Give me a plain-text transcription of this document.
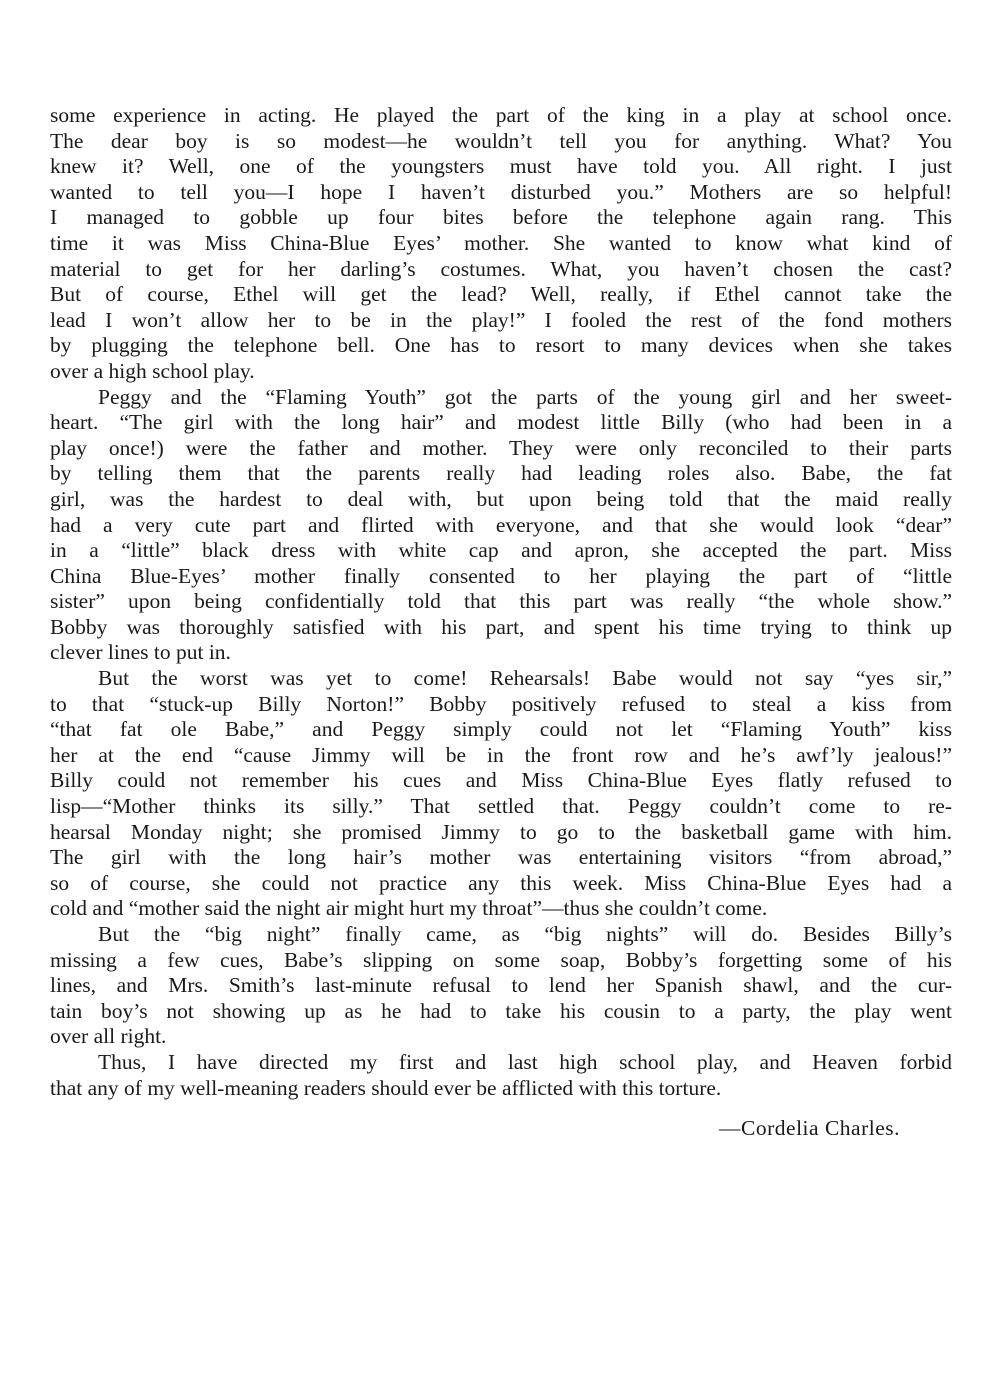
some experience in acting. He played the part of the king in a play at school once.
The dear boy is so modest—he wouldn’t tell you for anything. What? You
knew it? Well, one of the youngsters must have told you. All right. I just
wanted to tell you—I hope I haven’t disturbed you.” Mothers are so helpful!
I managed to gobble up four bites before the telephone again rang. This
time it was Miss China-Blue Eyes’ mother. She wanted to know what kind of
material to get for her darling’s costumes. What, you haven’t chosen the cast?
But of course, Ethel will get the lead? Well, really, if Ethel cannot take the
lead I won’t allow her to be in the play!” I fooled the rest of the fond mothers
by plugging the telephone bell. One has to resort to many devices when she takes
over a high school play.
Peggy and the “Flaming Youth” got the parts of the young girl and her sweet-
heart. “The girl with the long hair” and modest little Billy (who had been in a
play once!) were the father and mother. They were only reconciled to their parts
by telling them that the parents really had leading roles also. Babe, the fat
girl, was the hardest to deal with, but upon being told that the maid really
had a very cute part and flirted with everyone, and that she would look “dear”
in a “little” black dress with white cap and apron, she accepted the part. Miss
China Blue-Eyes’ mother finally consented to her playing the part of “little
sister” upon being confidentially told that this part was really “the whole show.”
Bobby was thoroughly satisfied with his part, and spent his time trying to think up
clever lines to put in.
But the worst was yet to come! Rehearsals! Babe would not say “yes sir,”
to that “stuck-up Billy Norton!” Bobby positively refused to steal a kiss from
“that fat ole Babe,” and Peggy simply could not let “Flaming Youth” kiss
her at the end “cause Jimmy will be in the front row and he’s awf’ly jealous!”
Billy could not remember his cues and Miss China-Blue Eyes flatly refused to
lisp—“Mother thinks its silly.” That settled that. Peggy couldn’t come to re-
hearsal Monday night; she promised Jimmy to go to the basketball game with him.
The girl with the long hair’s mother was entertaining visitors “from abroad,”
so of course, she could not practice any this week. Miss China-Blue Eyes had a
cold and “mother said the night air might hurt my throat”—thus she couldn’t come.
But the “big night” finally came, as “big nights” will do. Besides Billy’s
missing a few cues, Babe’s slipping on some soap, Bobby’s forgetting some of his
lines, and Mrs. Smith’s last-minute refusal to lend her Spanish shawl, and the cur-
tain boy’s not showing up as he had to take his cousin to a party, the play went
over all right.
Thus, I have directed my first and last high school play, and Heaven forbid
that any of my well-meaning readers should ever be afflicted with this torture.
—Cordelia Charles.
